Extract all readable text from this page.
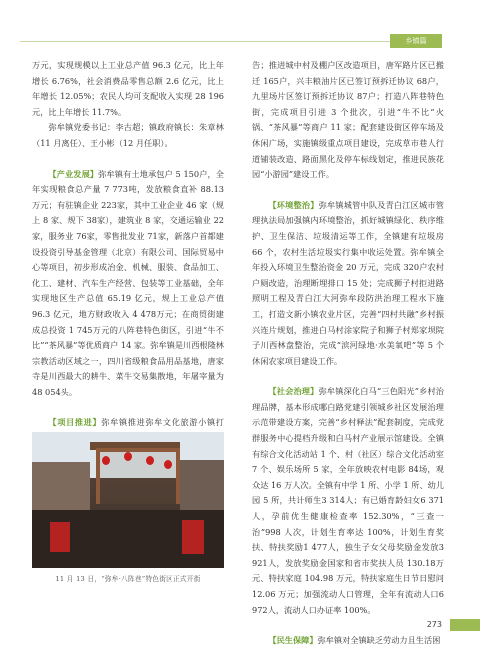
乡镇篇

万元，实现规模以上工业总产值 96.3 亿元，比上年增长 6.76%，社会消费品零售总额 2.6 亿元，比上年增长 12.05%；农民人均可支配收入实现 28 196元，比上年增长 11.7%。

弥牟镇党委书记：李古超；镇政府镇长：朱章林（11 月离任）、王小彬（12 月任职）。

【产业发展】弥牟镇有土地承包户 5 150户，全年实现粮食总产量 7 773吨，发放粮食直补 88.13 万元；有驻镇企业 223家，其中工业企业 46 家（规上 8 家、规下 38家），建筑业 8 家，交通运输业 22家，服务业 76家，零售批发业 71家，新落户首都建设投资引导基金管理（北京）有限公司、国际贸易中心等项目，初步形成冶金、机械、服装、食品加工、化工、建材、汽车生产经营、包装等工业基础，全年实现地区生产总值 65.19 亿元，规上工业总产值 96.3 亿元，地方财政收入 4 478万元；在商贸街建成总投资 1 745万元的八阵巷特色街区，引进“牛不比”“茶风暴”等优质商户 14 家。弥牟镇是川西根隆林宗教活动区域之一，四川省级粮食品用品基地，唐家寺是川西最大的耕牛、菜牛交易集散地，年屠宰量为48 054头。

【项目推进】弥牟镇推进弥牟文化旅游小镇打

11 月 13 日，“弥牟·八阵巷”特色街区正式开街

告；推进城中村及棚户区改造项目，唐军路片区已搬迁 165户，兴丰粮油片区已签订预拆迁协议 68户，九里场片区签订预拆迁协议 87户；打造八阵巷特色街，完成项目引进 3 个批次，引进“牛不比”火锅、“茶风暴”等商户 11 家；配套建设街区停车场及休闲广场，实施镇级重点项目建设，完成草市巷人行道铺装改造、路面黑化及停车标线划定，推进民族花园“小游园”建设工作。

【环境整治】弥牟镇城管中队及青白江区城市管理执法局加强镇内环境整治，抓好城镇绿化、秩序维护、卫生保洁、垃圾清运等工作，全镇建有垃圾房 66 个，农村生活垃圾实行集中收运处置。弥牟镇全年投入环境卫生整治资金 20 万元，完成 320户农村户厕改造，治理断埋排口 15 处；完成狮子村拒进路照明工程及青白江大河弥牟段防洪治理工程水下施工，打造文新小镇农业片区，完善“四村共融”乡村振兴连片规划，推进白马村涂家院子和狮子村郑家坝院子川西林盘整治，完成“滨河绿地·水美氧吧”等 5 个休闲农家项目建设工作。

【社会治理】弥牟镇深化白马“三色阳光”乡村治理品牌，基本形成哪白路党建引领城乡社区发展治理示范带建设方案，完善“乡村释法”配套制度，完成党群服务中心提档升级和白马村产业展示馆建设。全镇有综合文化活动站 1 个、村（社区）综合文化活动室 7 个、娱乐场所 5 家，全年放映农村电影 84场，观众达 16 万人次。全镇有中学 1 所、小学 1 所、幼儿园 5 所，共计师生3 314人；有已婚育龄妇女6 371人，孕前优生健康检查率 152.30%，“三查一治”998 人次，计划生育率达 100%，计划生育奖扶、特扶奖励1 477人，独生子女父母奖励金发放3 921人，发放奖励金国家和省市奖扶人员 130.18万元、特扶家庭 104.98 万元，特扶家庭生日节日慰问 12.06 万元；加强流动人口管理，全年有流动人口6 972人，流动人口办证率 100%。

【民生保障】弥牟镇对全镇缺乏劳动力且生活困

273
